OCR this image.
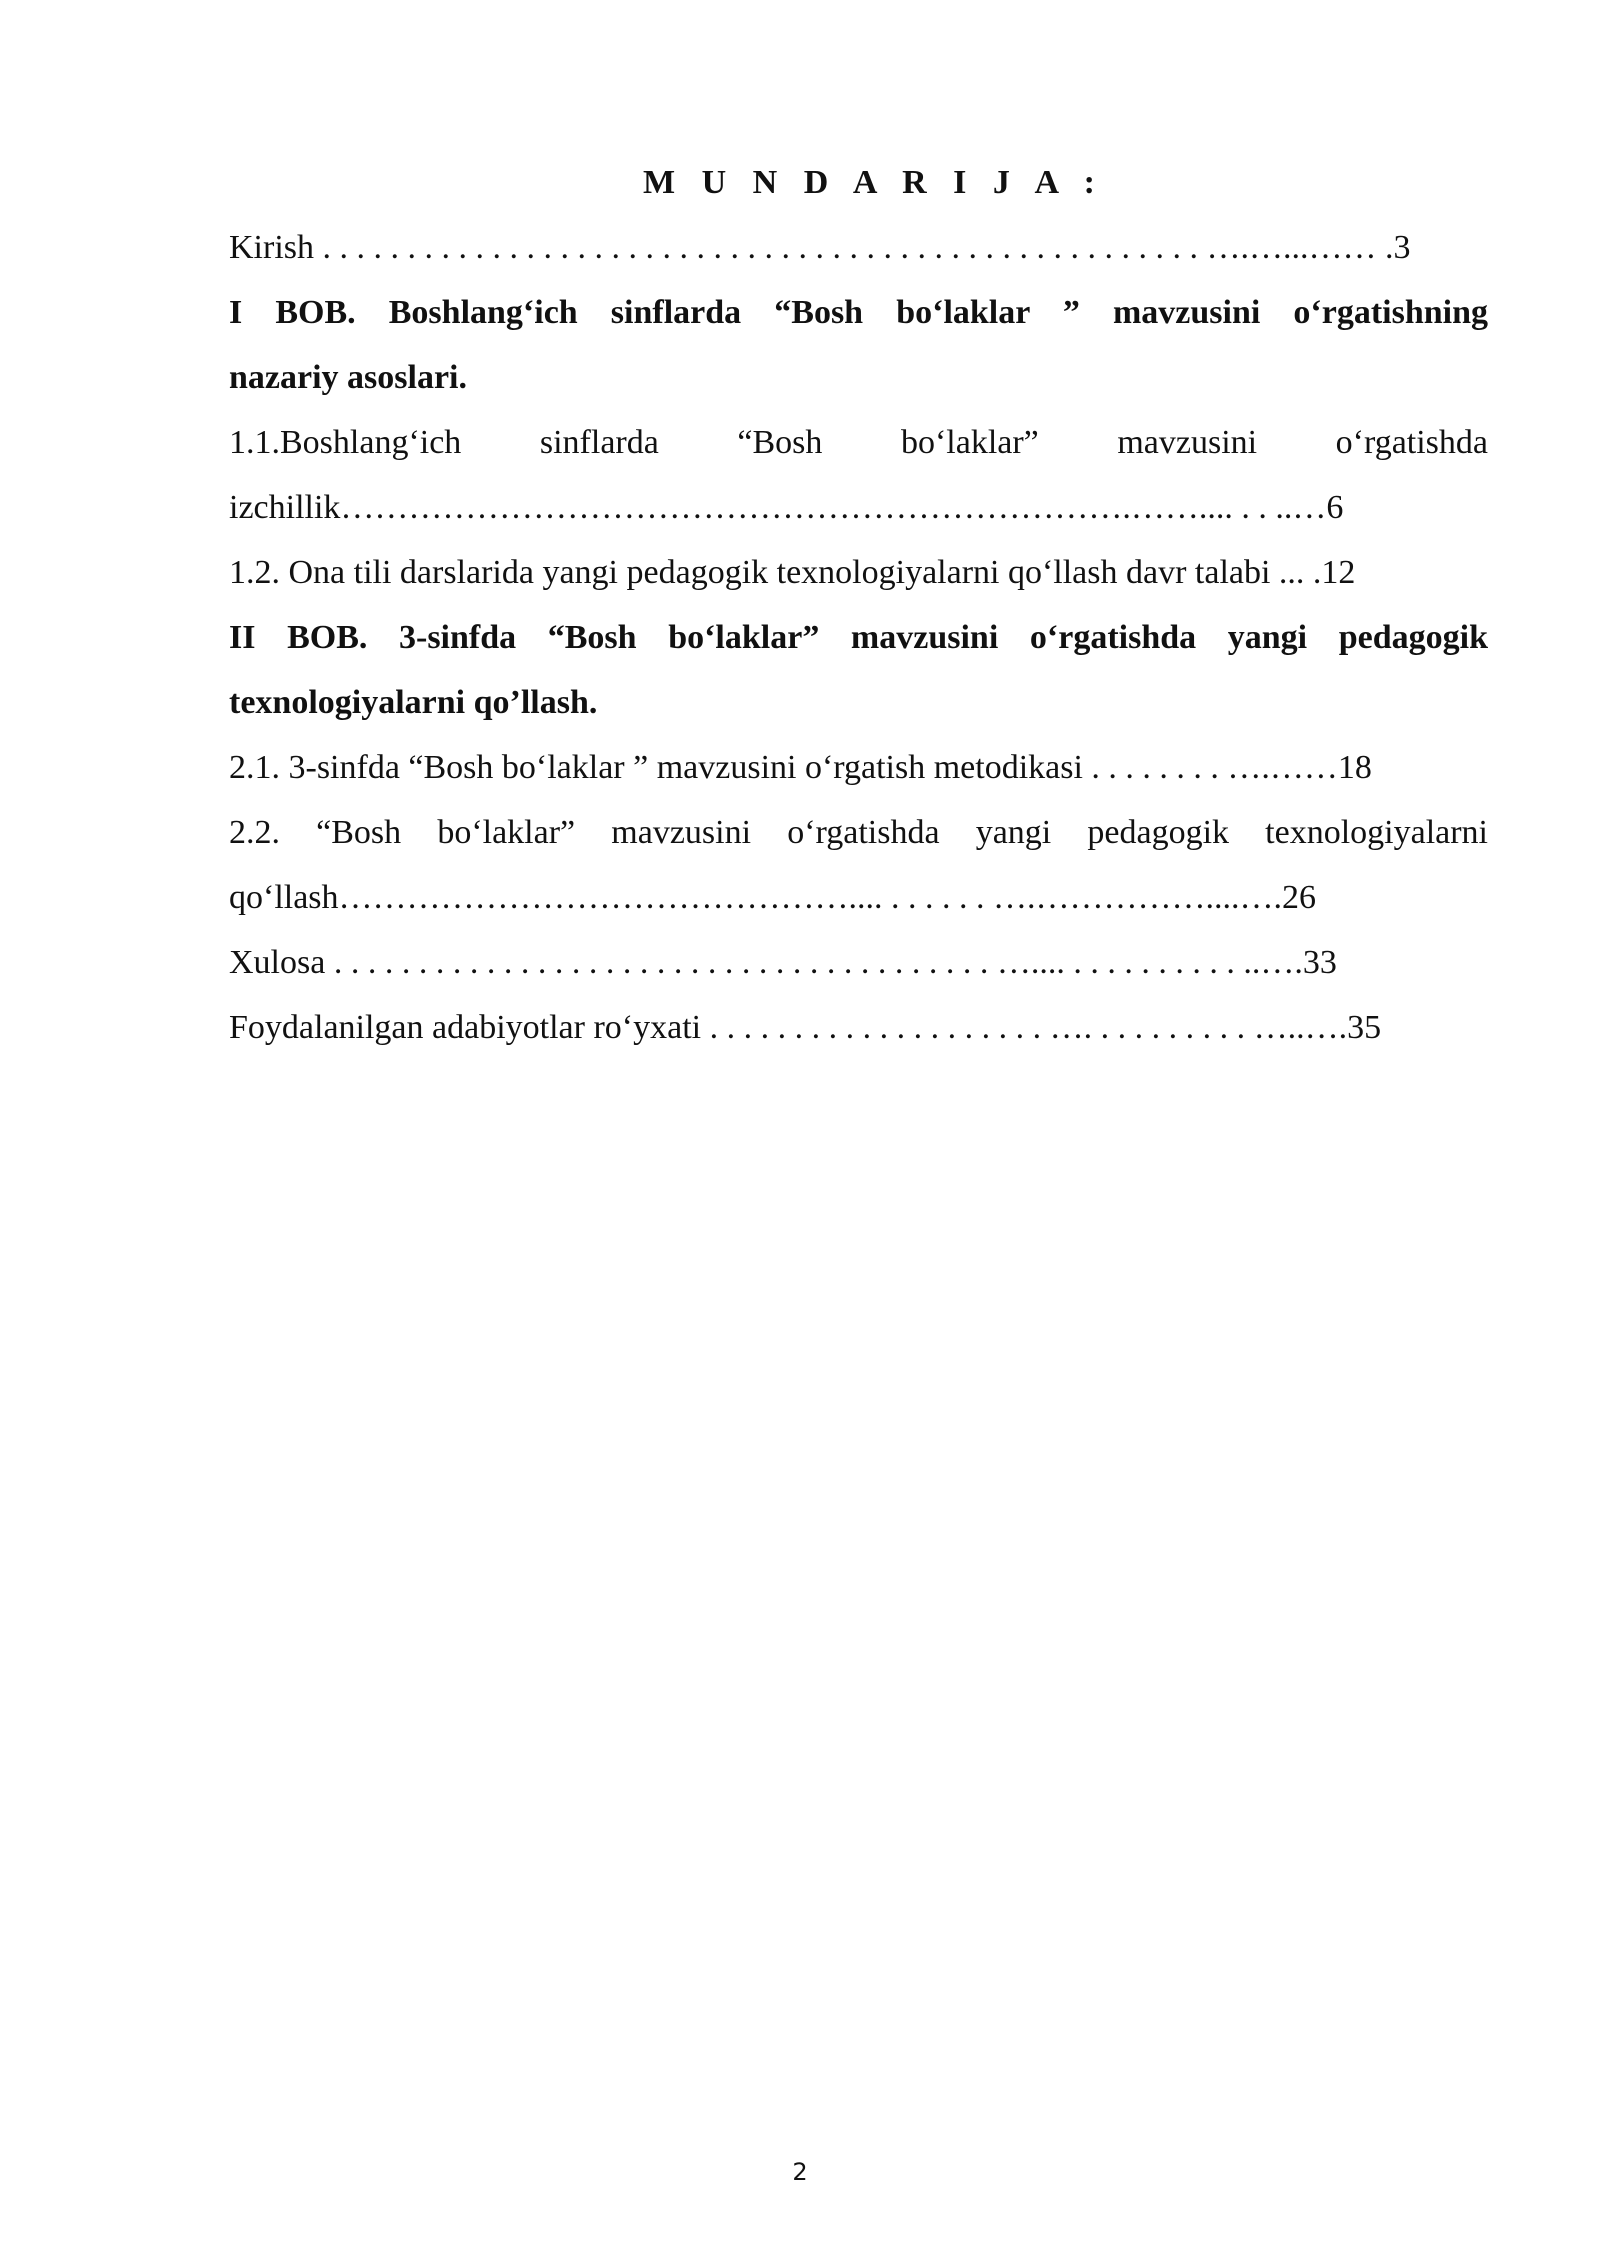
M U N D A R I J A :
Kirish . . . . . . . . . . . . . . . . . . . . . . . . . . . . . . . . . . . . . . . . . . . . . . . . . . . . ….…...…… .3
I BOB. Boshlang‘ich sinflarda “Bosh bo‘laklar ” mavzusini o‘rgatishning
nazariy asoslari.
1.1.Boshlang‘ich sinflarda “Bosh bo‘laklar” mavzusini o‘rgatishda
izchillik…………………………………………………………….…….... . . ..…6
1.2. Ona tili darslarida yangi pedagogik texnologiyalarni qo‘llash davr talabi ... .12
II BOB. 3-sinfda “Bosh bo‘laklar” mavzusini o‘rgatishda yangi pedagogik
texnologiyalarni qo’llash.
2.1. 3-sinfda “Bosh bo‘laklar ” mavzusini o‘rgatish metodikasi . . . . . . . . ….……18
2.2. “Bosh bo‘laklar” mavzusini o‘rgatishda yangi pedagogik texnologiyalarni
qo‘llash……………………………………….... . . . . . . ….……………....….26
Xulosa . . . . . . . . . . . . . . . . . . . . . . . . . . . . . . . . . . . . . . . ….... . . . . . . . . . . ..….33
Foydalanilgan adabiyotlar ro‘yxati . . . . . . . . . . . . . . . . . . . . …. . . . . . . . . . …..….35
2
